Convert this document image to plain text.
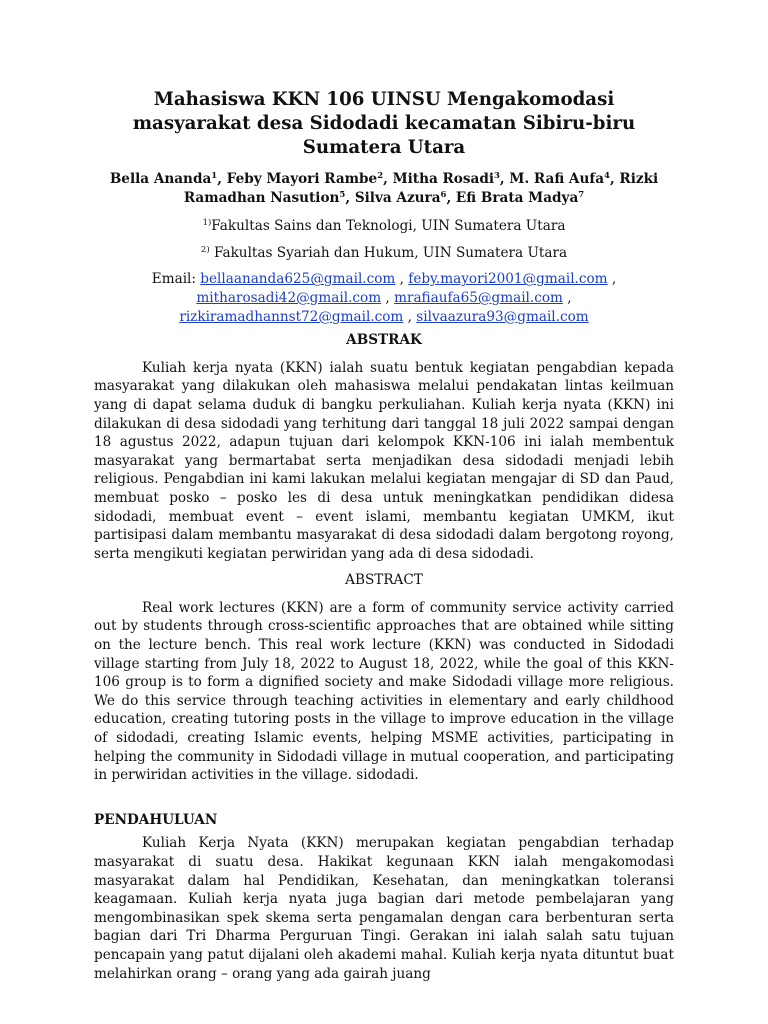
Mahasiswa KKN 106 UINSU Mengakomodasi masyarakat desa Sidodadi kecamatan Sibiru-biru Sumatera Utara
Bella Ananda$^1$, Feby Mayori Rambe$^2$, Mitha Rosadi$^3$, M. Rafi Aufa$^4$, Rizki Ramadhan Nasution$^5$, Silva Azura$^6$, Efi Brata Madya$^7$
$^{1)}$Fakultas Sains dan Teknologi, UIN Sumatera Utara
$^{2)}$ Fakultas Syariah dan Hukum, UIN Sumatera Utara
Email: bellaananda625@gmail.com , feby.mayori2001@gmail.com ,
mitharosadi42@gmail.com , mrafiaufa65@gmail.com ,
rizkiramadhannst72@gmail.com , silvaazura93@gmail.com
ABSTRAK

Kuliah kerja nyata (KKN) ialah suatu bentuk kegiatan pengabdian kepada masyarakat yang dilakukan oleh mahasiswa melalui pendakatan lintas keilmuan yang di dapat selama duduk di bangku perkuliahan. Kuliah kerja nyata (KKN) ini dilakukan di desa sidodadi yang terhitung dari tanggal 18 juli 2022 sampai dengan 18 agustus 2022, adapun tujuan dari kelompok KKN-106 ini ialah membentuk masyarakat yang bermartabat serta menjadikan desa sidodadi menjadi lebih religious. Pengabdian ini kami lakukan melalui kegiatan mengajar di SD dan Paud, membuat posko – posko les di desa untuk meningkatkan pendidikan didesa sidodadi, membuat event – event islami, membantu kegiatan UMKM, ikut partisipasi dalam membantu masyarakat di desa sidodadi dalam bergotong royong, serta mengikuti kegiatan perwiridan yang ada di desa sidodadi.

ABSTRACT

Real work lectures (KKN) are a form of community service activity carried out by students through cross-scientific approaches that are obtained while sitting on the lecture bench. This real work lecture (KKN) was conducted in Sidodadi village starting from July 18, 2022 to August 18, 2022, while the goal of this KKN-106 group is to form a dignified society and make Sidodadi village more religious. We do this service through teaching activities in elementary and early childhood education, creating tutoring posts in the village to improve education in the village of sidodadi, creating Islamic events, helping MSME activities, participating in helping the community in Sidodadi village in mutual cooperation, and participating in perwiridan activities in the village. sidodadi.

PENDAHULUAN

Kuliah Kerja Nyata (KKN) merupakan kegiatan pengabdian terhadap masyarakat di suatu desa. Hakikat kegunaan KKN ialah mengakomodasi masyarakat dalam hal Pendidikan, Kesehatan, dan meningkatkan toleransi keagamaan. Kuliah kerja nyata juga bagian dari metode pembelajaran yang mengombinasikan spek skema serta pengamalan dengan cara berbenturan serta bagian dari Tri Dharma Perguruan Tingi. Gerakan ini ialah salah satu tujuan pencapain yang patut dijalani oleh akademi mahal. Kuliah kerja nyata dituntut buat melahirkan orang – orang yang ada gairah juang
